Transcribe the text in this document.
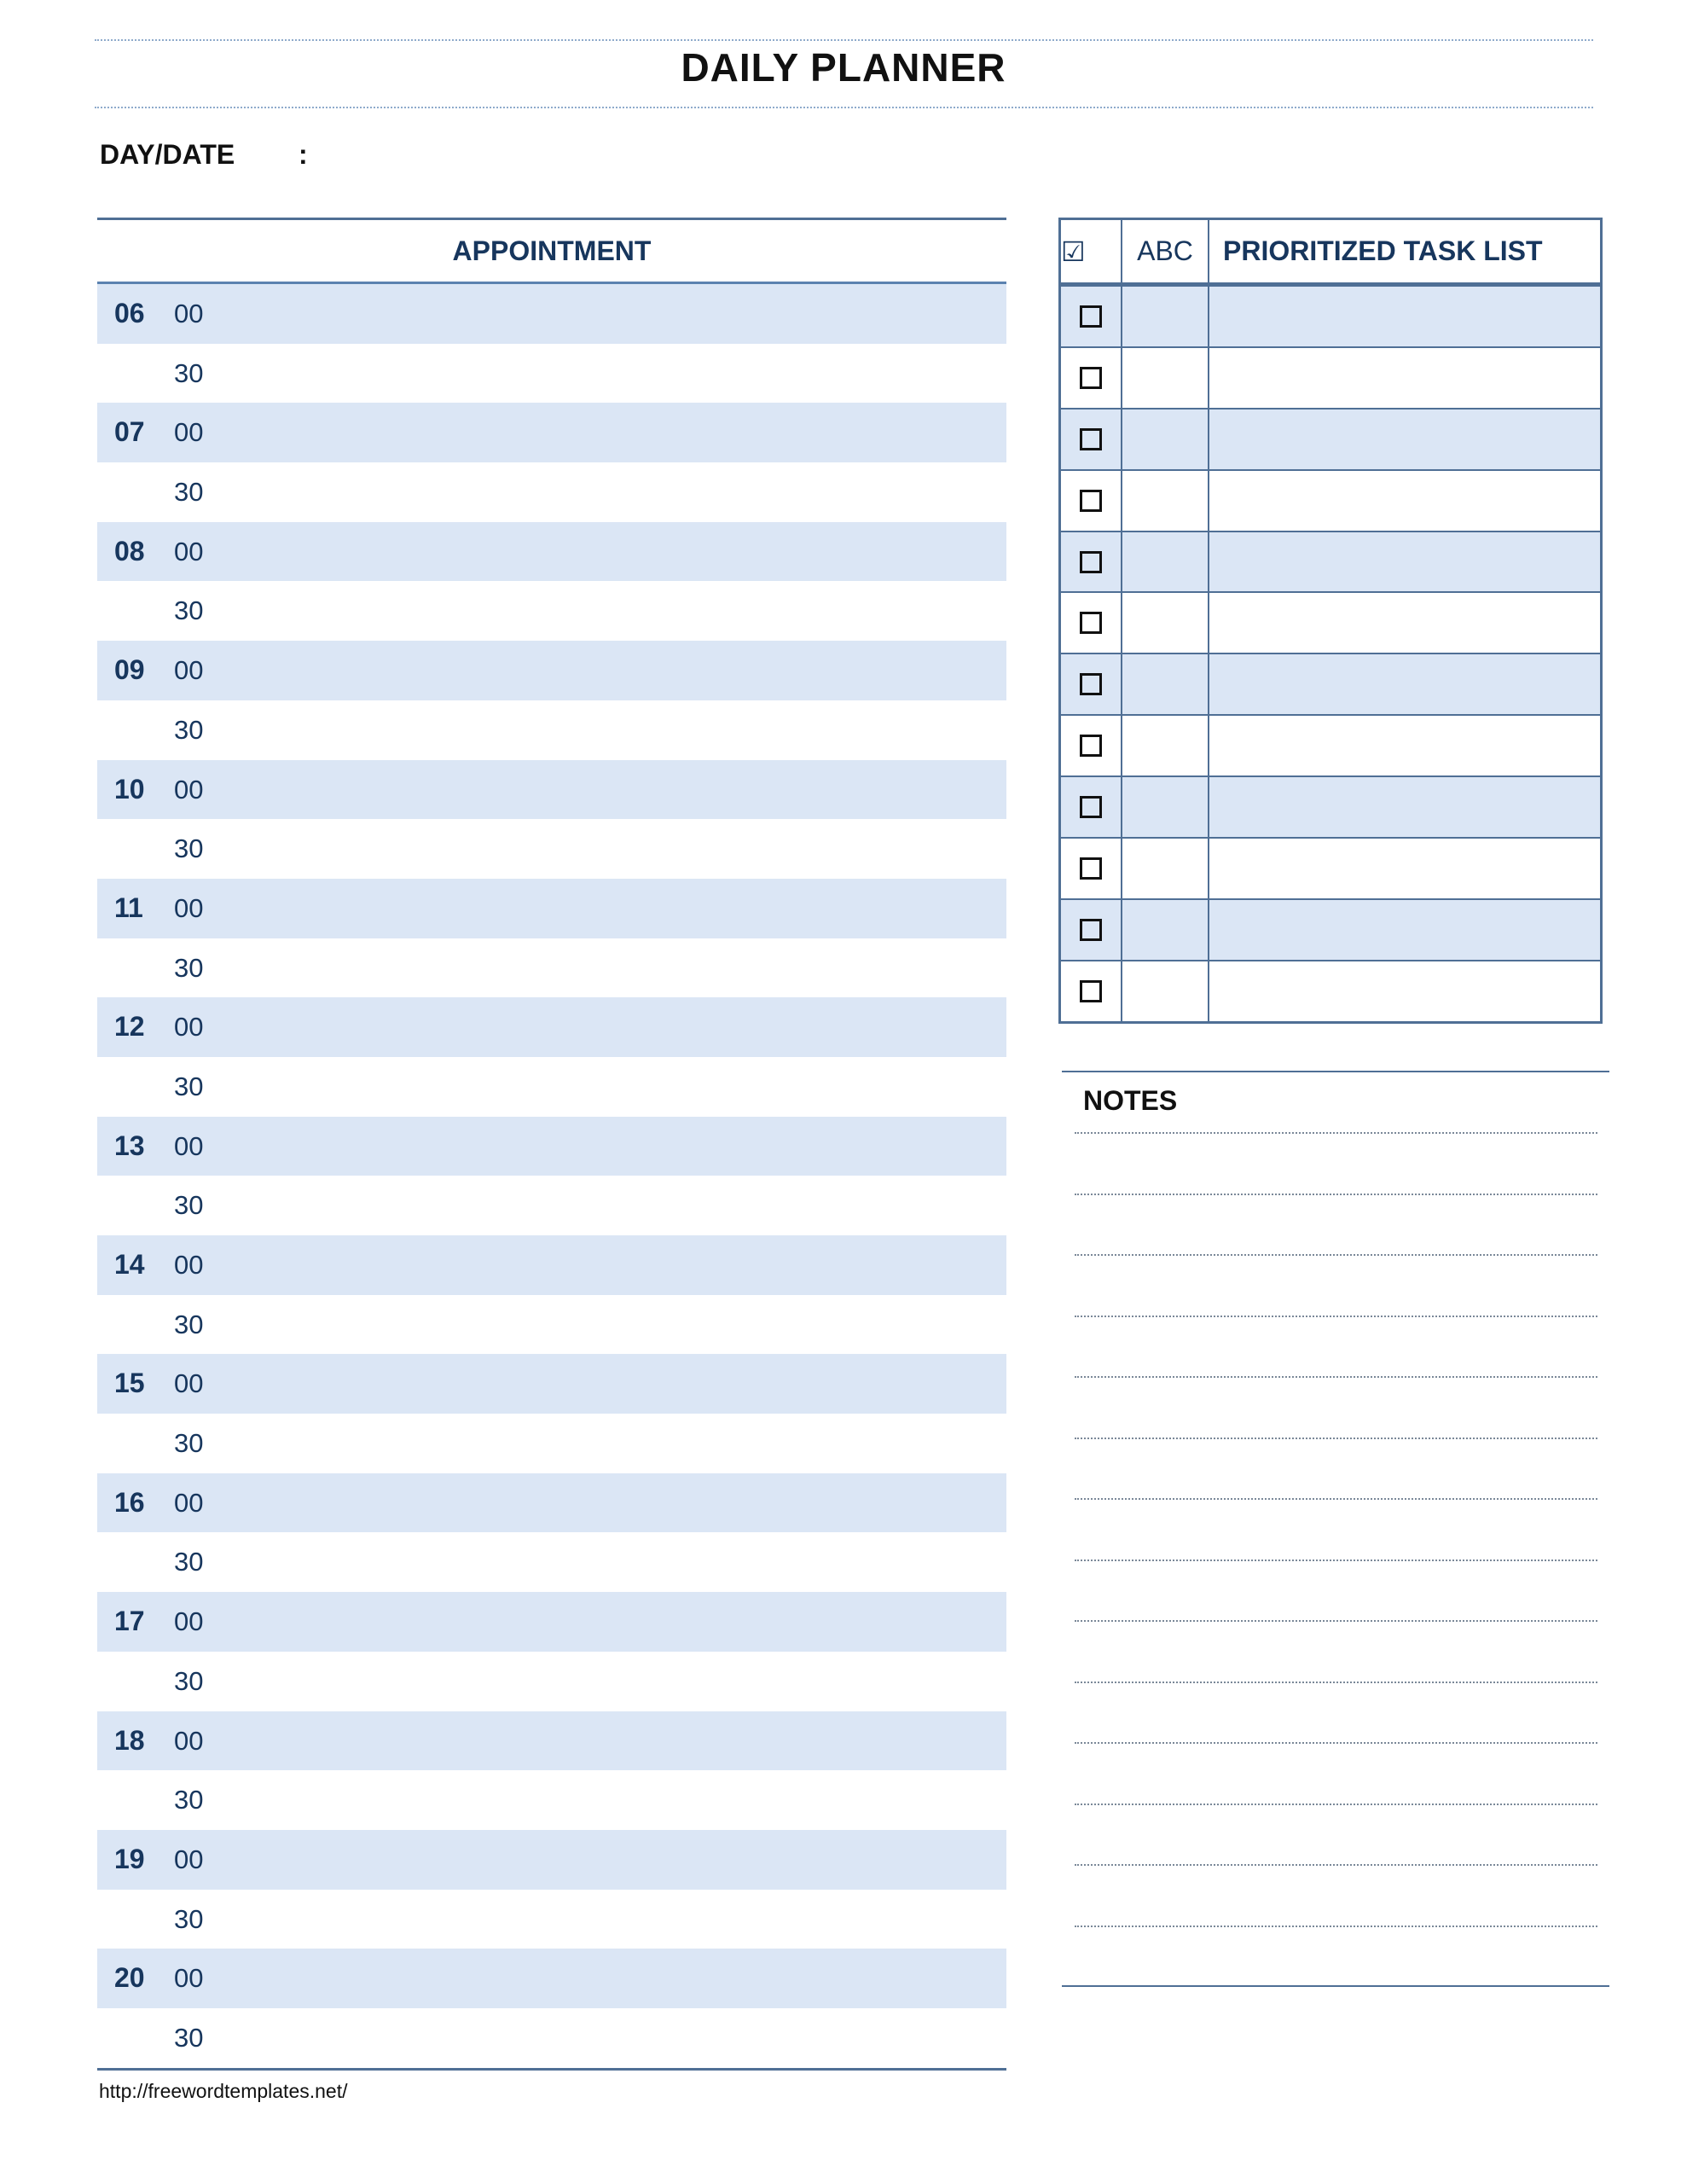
DAILY PLANNER
DAY/DATE :
APPOINTMENT
06 00
30
07 00
30
08 00
30
09 00
30
10 00
30
11 00
30
12 00
30
13 00
30
14 00
30
15 00
30
16 00
30
17 00
30
18 00
30
19 00
30
20 00
30
☑	ABC	PRIORITIZED TASK LIST

NOTES
http://freewordtemplates.net/
